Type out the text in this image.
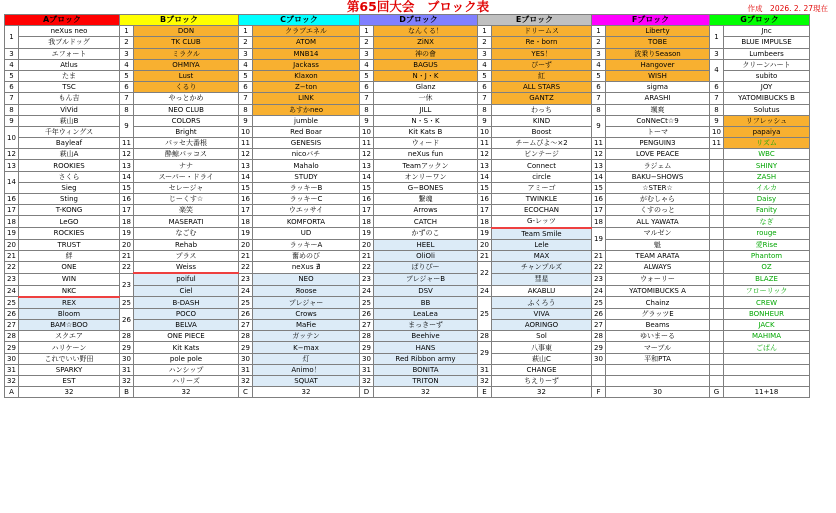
第65回大会　ブロック表	作成　2026. 2. 27現在
Aブロック		Bブロック		Cブロック		Dブロック		Eブロック		Fブロック		Gブロック	
1	neXus neo	1	DON	1	クラブエネル	1	なんくる！	1	ドリームス	1	Liberty	1	Jnc
	我ブルドッグ	2	TK CLUB	2	ATOM	2	ZiNX	2	Re・born	2	TOBE		BLUE IMPULSE
3	エフォート	3	ミラクル	3	MNB14	3	神の會	3	YES！	3	波乗りSeason	3	Lumbeers
4	Atlus	4	OHMIYA	4	Jackass	4	BAGUS	4	ぴーず	4	Hangover	4	クリーンハート
5	たま	5	Lust	5	Klaxon	5	N・J・K	5	紅	5	WISH		subito
6	TSC	6	くるり	6	Z−ton	6	Glanz	6	ALL STARS	6	sigma	6	JOY
7	もん吉	7	やっとかめ	7	LINK	7	一休	7	GANTZ	7	ARASHI	7	YATOMIBUCKS B
8	ViVid	8	NEO CLUB	8	あすかneo	8	JILL	8	わっち	8	颯爽	8	Solutus
9	萩山B	9	COLORS	9	jumble	9	N・S・K	9	KIND	9	CoNNeCt☆9	9	リフレッシュ
10	千年ウィングス		Bright	10	Red Boar	10	Kit Kats B	10	Boost		トーマ	10	papaiya
	Bayleaf	11	パッセ大番根	11	GENESIS	11	ウィード	11	チームびよ〜×2	11	PENGUIN3	11	リズム
12	萩山A	12	酔鯨パッコス	12	nicoバチ	12	neXus fun	12	ビンテージ	12	LOVE PEACE		WBC
13	ROOKIES	13	ナナ	13	Mahalo	13	Teamアックン	13	Connect	13	ラジェム		SHINY
14	さくら	14	スーパー・ドライ	14	STUDY	14	オンリーワン	14	circle	14	BAKU−SHOWS		ZASH
	Sieg	15	セレージャ	15	ラッキーB	15	G−BONES	15	アミーゴ	15	☆STER☆		イルカ
16	Sting	16	じーくす☆	16	ラッキーC	16	繋魂	16	TWINKLE	16	がむしゃら		Daisy
17	T-KONG	17	楽笑	17	ウエッサイ	17	Arrows	17	ECOCHAN	17	くすのっと		Fanity
18	LeGO	18	MASERATI	18	KOMFORTA	18	CATCH	18	G-レッツ	18	ALL YAWATA		なぎ
19	ROCKIES	19	なごむ	19	UD	19	かずのこ	19	Team Smile	19	マルゼン		rouge
20	TRUST	20	Rehab	20	ラッキーA	20	HEEL	20	Lele		魁		愛Rise
21	絆	21	プラス	21	奮めのび	21	OliOli	21	MAX	21	TEAM ARATA		Phantom
22	ONE	22	Weiss	22	neXus ∄	22	ぱりぴー	22	チャンプルズ	22	ALWAYS		OZ
23	WIN	23	poiful	23	NEO	23	ブレジャーB		彗星	23	ウォーリー		BLAZE
24	NKC		Ciel	24	Яoose	24	DSV	24	AKABLU	24	YATOMIBUCKS A		フローリック
25	REX	25	B-DASH	25	プレジャー	25	BB	25	ふくろう	25	Chainz		CREW
26	Bloom	26	POCO	26	Crows	26	LeaLea		VIVA	26	グラッツE		BONHEUR
27	BAM☆BOO		BELVA	27	MaFie	27	まっきーず		AORINGO	27	Beams		JACK
28	スクエア	28	ONE PIECE	28	ガッテン	28	Beehive	28	Sol	28	ゆいまーる		MAHIMA
29	ハリケーン	29	Kit Kats	29	K−max	29	HANS	29	八事東	29	マーブル		ごぱん
30	これでいい野田	30	pole pole	30	灯	30	Red Ribbon army		萩山C	30	平和PTA		
31	SPARKY	31	ハンシップ	31	Animo！	31	BONITA	31	CHANGE				
32	EST	32	ハリーズ	32	SQUAT	32	TRITON	32	ちえりーず				
A	32	B	32	C	32	D	32	E	32	F	30	G	11+18
